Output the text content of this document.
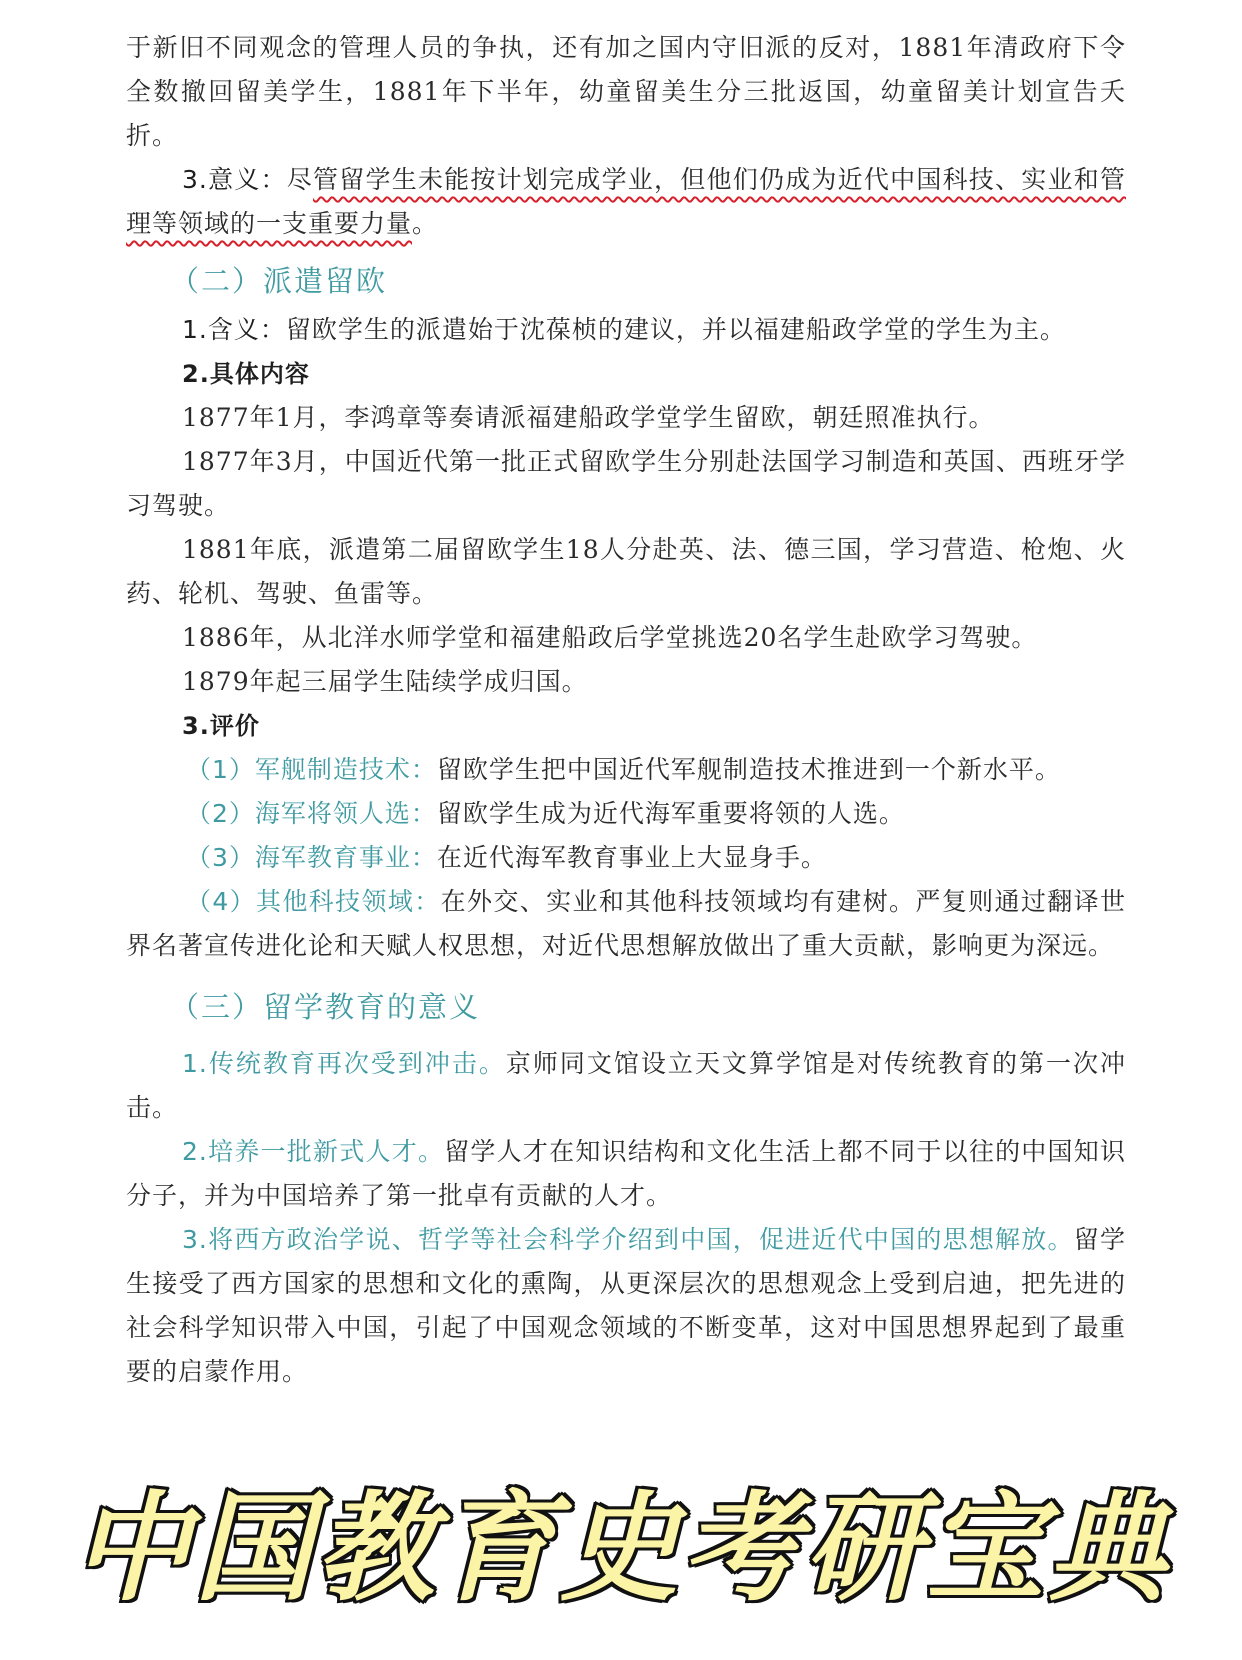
于新旧不同观念的管理人员的争执，还有加之国内守旧派的反对，1881年清政府下令全数撤回留美学生，1881年下半年，幼童留美生分三批返国，幼童留美计划宣告夭折。

3.意义：尽管留学生未能按计划完成学业，但他们仍成为近代中国科技、实业和管理等领域的一支重要力量。

（二）派遣留欧

1.含义：留欧学生的派遣始于沈葆桢的建议，并以福建船政学堂的学生为主。

2.具体内容

1877年1月，李鸿章等奏请派福建船政学堂学生留欧，朝廷照准执行。

1877年3月，中国近代第一批正式留欧学生分别赴法国学习制造和英国、西班牙学习驾驶。

1881年底，派遣第二届留欧学生18人分赴英、法、德三国，学习营造、枪炮、火药、轮机、驾驶、鱼雷等。

1886年，从北洋水师学堂和福建船政后学堂挑选20名学生赴欧学习驾驶。

1879年起三届学生陆续学成归国。

3.评价

（1）军舰制造技术：留欧学生把中国近代军舰制造技术推进到一个新水平。

（2）海军将领人选：留欧学生成为近代海军重要将领的人选。

（3）海军教育事业：在近代海军教育事业上大显身手。

（4）其他科技领域：在外交、实业和其他科技领域均有建树。严复则通过翻译世界名著宣传进化论和天赋人权思想，对近代思想解放做出了重大贡献，影响更为深远。

（三）留学教育的意义

1.传统教育再次受到冲击。京师同文馆设立天文算学馆是对传统教育的第一次冲击。

2.培养一批新式人才。留学人才在知识结构和文化生活上都不同于以往的中国知识分子，并为中国培养了第一批卓有贡献的人才。

3.将西方政治学说、哲学等社会科学介绍到中国，促进近代中国的思想解放。留学生接受了西方国家的思想和文化的熏陶，从更深层次的思想观念上受到启迪，把先进的社会科学知识带入中国，引起了中国观念领域的不断变革，这对中国思想界起到了最重要的启蒙作用。

中国教育史考研宝典
